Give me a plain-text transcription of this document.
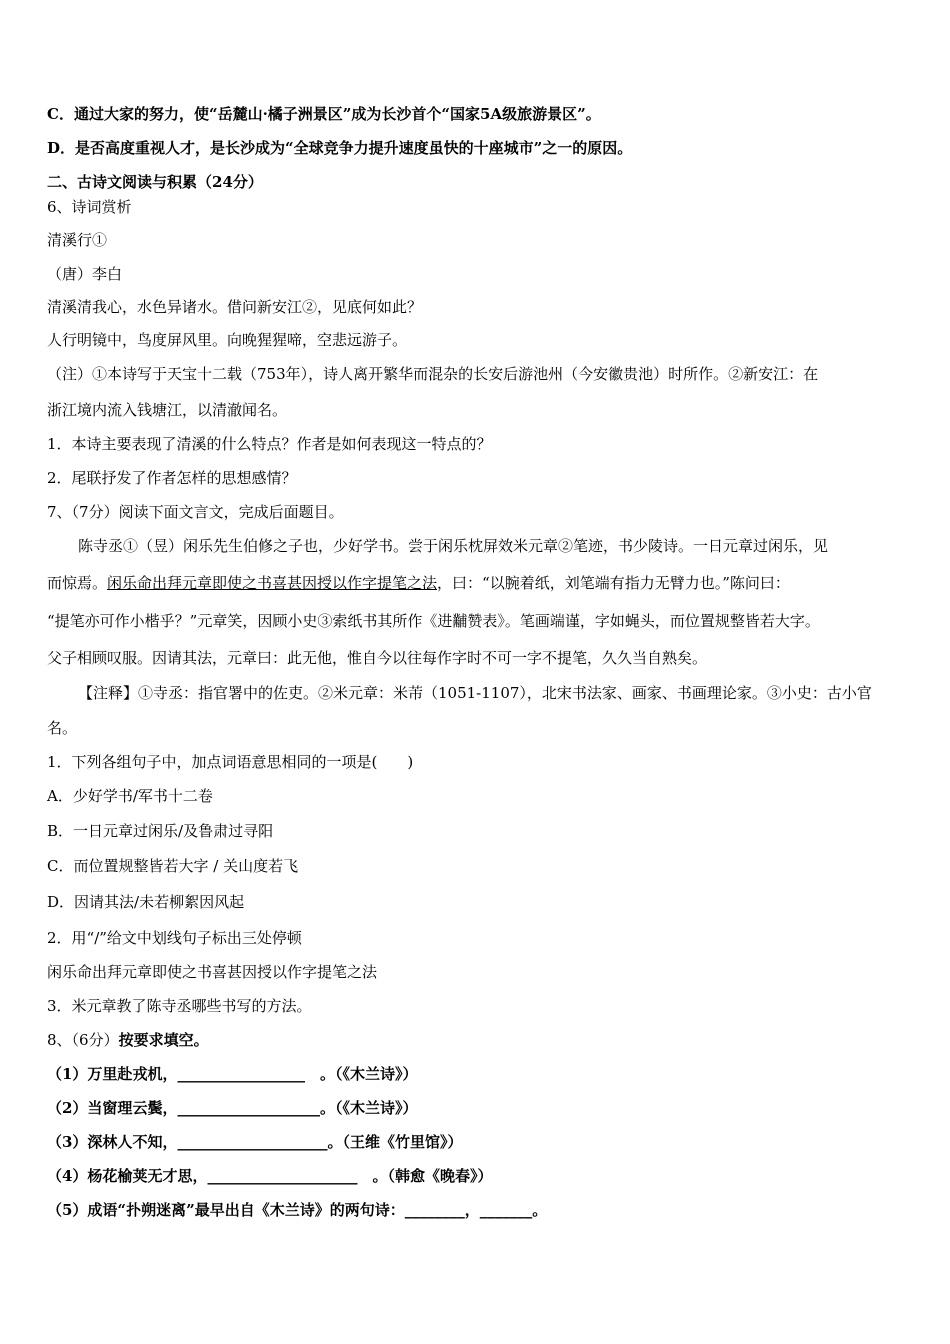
C．通过大家的努力，使“岳麓山·橘子洲景区”成为长沙首个“国家5A级旅游景区”。
D．是否高度重视人才，是长沙成为“全球竞争力提升速度虽快的十座城市”之一的原因。
二、古诗文阅读与积累（24分）
6、诗词赏析
清溪行①
（唐）李白
清溪清我心，水色异诸水。借问新安江②，见底何如此？
人行明镜中，鸟度屏风里。向晚猩猩啼，空悲远游子。
（注）①本诗写于天宝十二载（753年），诗人离开繁华而混杂的长安后游池州（今安徽贵池）时所作。②新安江：在
浙江境内流入钱塘江，以清澈闻名。
1．本诗主要表现了清溪的什么特点？作者是如何表现这一特点的？
2．尾联抒发了作者怎样的思想感情？
7、（7分）阅读下面文言文，完成后面题目。
陈寺丞①（昱）闲乐先生伯修之子也，少好学书。尝于闲乐枕屏效米元章②笔迹，书少陵诗。一日元章过闲乐，见
而惊焉。闲乐命出拜元章即使之书喜甚因授以作字提笔之法，曰：“以腕着纸，刘笔端有指力无臂力也。”陈问曰：
“提笔亦可作小楷乎？”元章笑，因顾小史③索纸书其所作《进黼赞表》。笔画端谨，字如蝇头，而位置规整皆若大字。
父子相顾叹服。因请其法，元章曰：此无他，惟自今以往每作字时不可一字不提笔，久久当自熟矣。
【注释】①寺丞：指官署中的佐吏。②米元章：米芾（1051-1107），北宋书法家、画家、书画理论家。③小史：古小官
名。
1．下列各组句子中，加点词语意思相同的一项是(　　)
A．少好学书/军书十二卷
B．一日元章过闲乐/及鲁肃过寻阳
C．而位置规整皆若大字 / 关山度若飞
D．因请其法/未若柳絮因风起
2．用“/”给文中划线句子标出三处停顿
闲乐命出拜元章即使之书喜甚因授以作字提笔之法
3．米元章教了陈寺丞哪些书写的方法。
8、（6分）按要求填空。
（1）万里赴戎机，_________________　。（《木兰诗》）
（2）当窗理云鬓，___________________。（《木兰诗》）
（3）深林人不知，____________________。（王维《竹里馆》）
（4）杨花榆荚无才思，____________________　。（韩愈《晚春》）
（5）成语“扑朔迷离”最早出自《木兰诗》的两句诗：________，_______。
